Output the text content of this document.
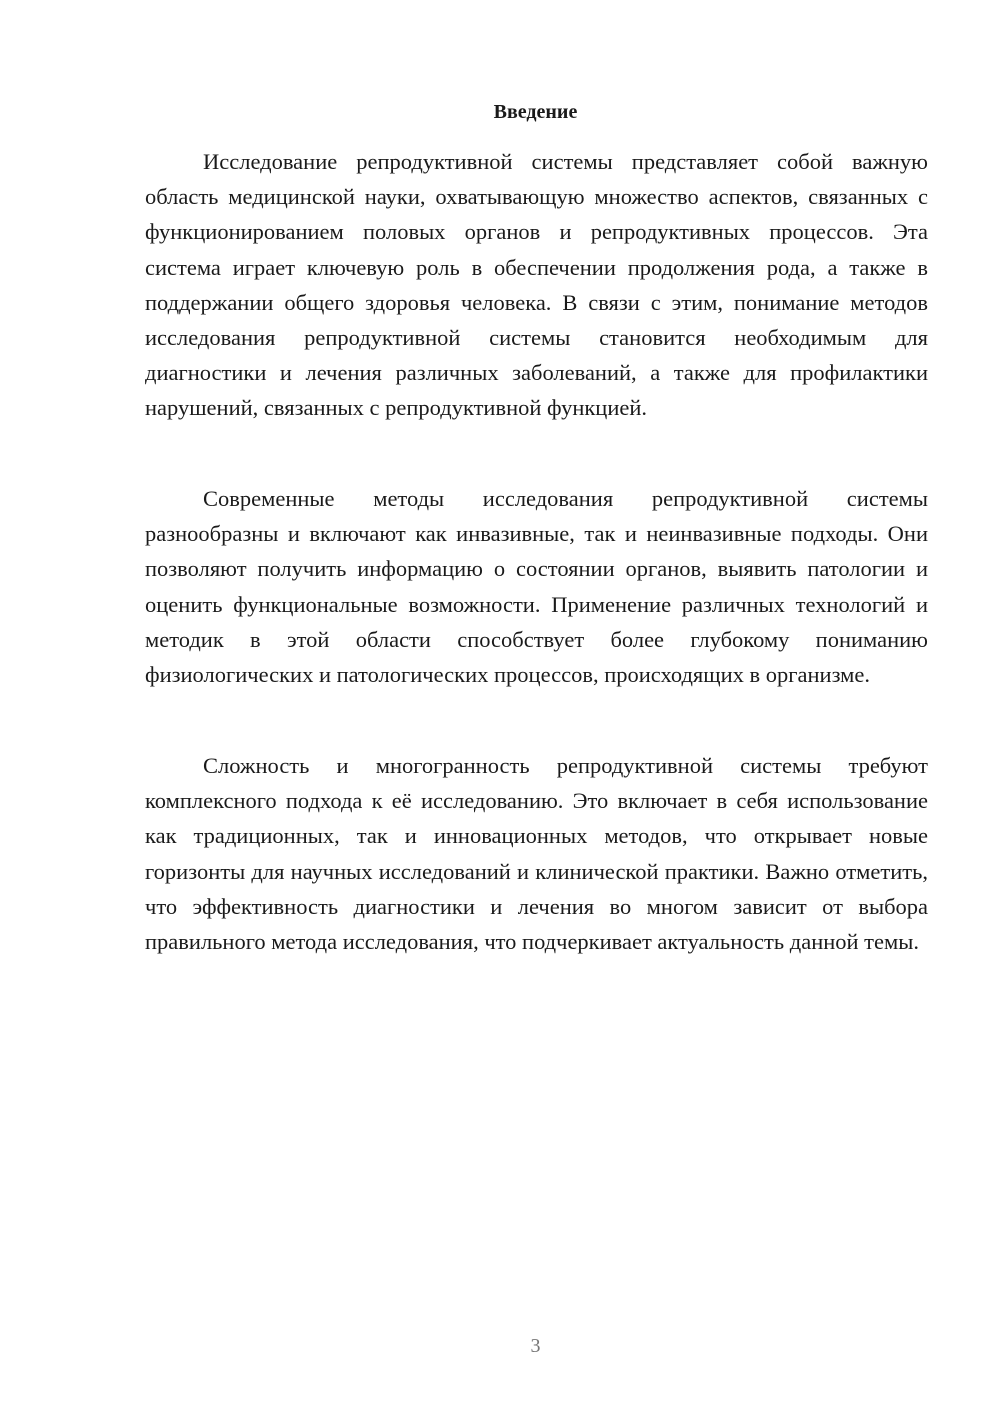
Введение

Исследование репродуктивной системы представляет собой важную область медицинской науки, охватывающую множество аспектов, связанных с функционированием половых органов и репродуктивных процессов. Эта система играет ключевую роль в обеспечении продолжения рода, а также в поддержании общего здоровья человека. В связи с этим, понимание методов исследования репродуктивной системы становится необходимым для диагностики и лечения различных заболеваний, а также для профилактики нарушений, связанных с репродуктивной функцией.

Современные методы исследования репродуктивной системы разнообразны и включают как инвазивные, так и неинвазивные подходы. Они позволяют получить информацию о состоянии органов, выявить патологии и оценить функциональные возможности. Применение различных технологий и методик в этой области способствует более глубокому пониманию физиологических и патологических процессов, происходящих в организме.

Сложность и многогранность репродуктивной системы требуют комплексного подхода к её исследованию. Это включает в себя использование как традиционных, так и инновационных методов, что открывает новые горизонты для научных исследований и клинической практики. Важно отметить, что эффективность диагностики и лечения во многом зависит от выбора правильного метода исследования, что подчеркивает актуальность данной темы.

3
